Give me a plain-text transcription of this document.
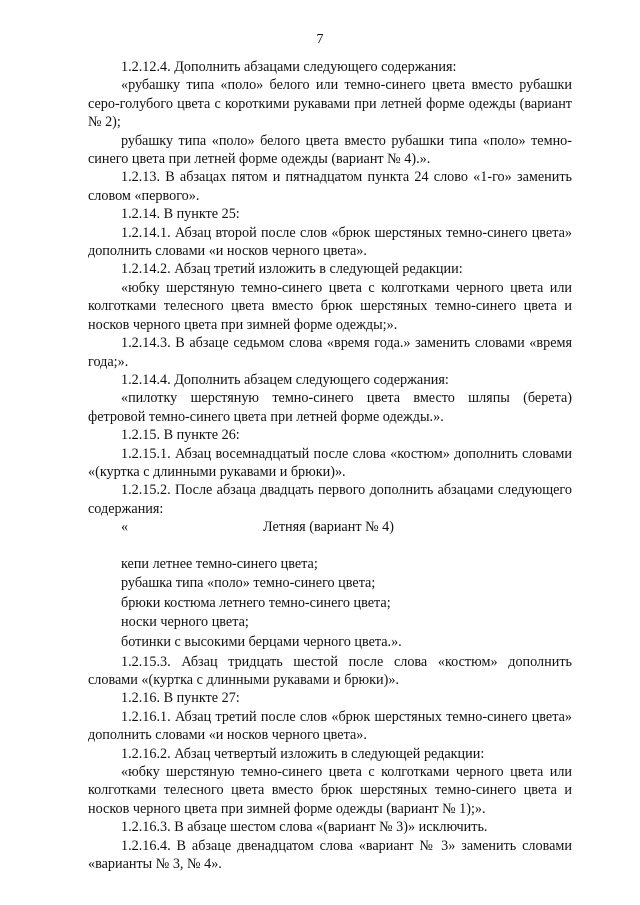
7

1.2.12.4. Дополнить абзацами следующего содержания:

«рубашку типа «поло» белого или темно-синего цвета вместо рубашки серо-голубого цвета с короткими рукавами при летней форме одежды (вариант № 2);

рубашку типа «поло» белого цвета вместо рубашки типа «поло» темно-синего цвета при летней форме одежды (вариант № 4).».

1.2.13. В абзацах пятом и пятнадцатом пункта 24 слово «1-го» заменить словом «первого».

1.2.14. В пункте 25:

1.2.14.1. Абзац второй после слов «брюк шерстяных темно-синего цвета» дополнить словами «и носков черного цвета».

1.2.14.2. Абзац третий изложить в следующей редакции:

«юбку шерстяную темно-синего цвета с колготками черного цвета или колготками телесного цвета вместо брюк шерстяных темно-синего цвета и носков черного цвета при зимней форме одежды;».

1.2.14.3. В абзаце седьмом слова «время года.» заменить словами «время года;».

1.2.14.4. Дополнить абзацем следующего содержания:

«пилотку шерстяную темно-синего цвета вместо шляпы (берета) фетровой темно-синего цвета при летней форме одежды.».

1.2.15. В пункте 26:

1.2.15.1. Абзац восемнадцатый после слова «костюм» дополнить словами «(куртка с длинными рукавами и брюки)».

1.2.15.2. После абзаца двадцать первого дополнить абзацами следующего содержания:

«	Летняя (вариант № 4)

кепи летнее темно-синего цвета;

рубашка типа «поло» темно-синего цвета;

брюки костюма летнего темно-синего цвета;

носки черного цвета;

ботинки с высокими берцами черного цвета.».

1.2.15.3. Абзац тридцать шестой после слова «костюм» дополнить словами «(куртка с длинными рукавами и брюки)».

1.2.16. В пункте 27:

1.2.16.1. Абзац третий после слов «брюк шерстяных темно-синего цвета» дополнить словами «и носков черного цвета».

1.2.16.2. Абзац четвертый изложить в следующей редакции:

«юбку шерстяную темно-синего цвета с колготками черного цвета или колготками телесного цвета вместо брюк шерстяных темно-синего цвета и носков черного цвета при зимней форме одежды (вариант № 1);».

1.2.16.3. В абзаце шестом слова «(вариант № 3)» исключить.

1.2.16.4. В абзаце двенадцатом слова «вариант № 3» заменить словами «варианты № 3, № 4».
